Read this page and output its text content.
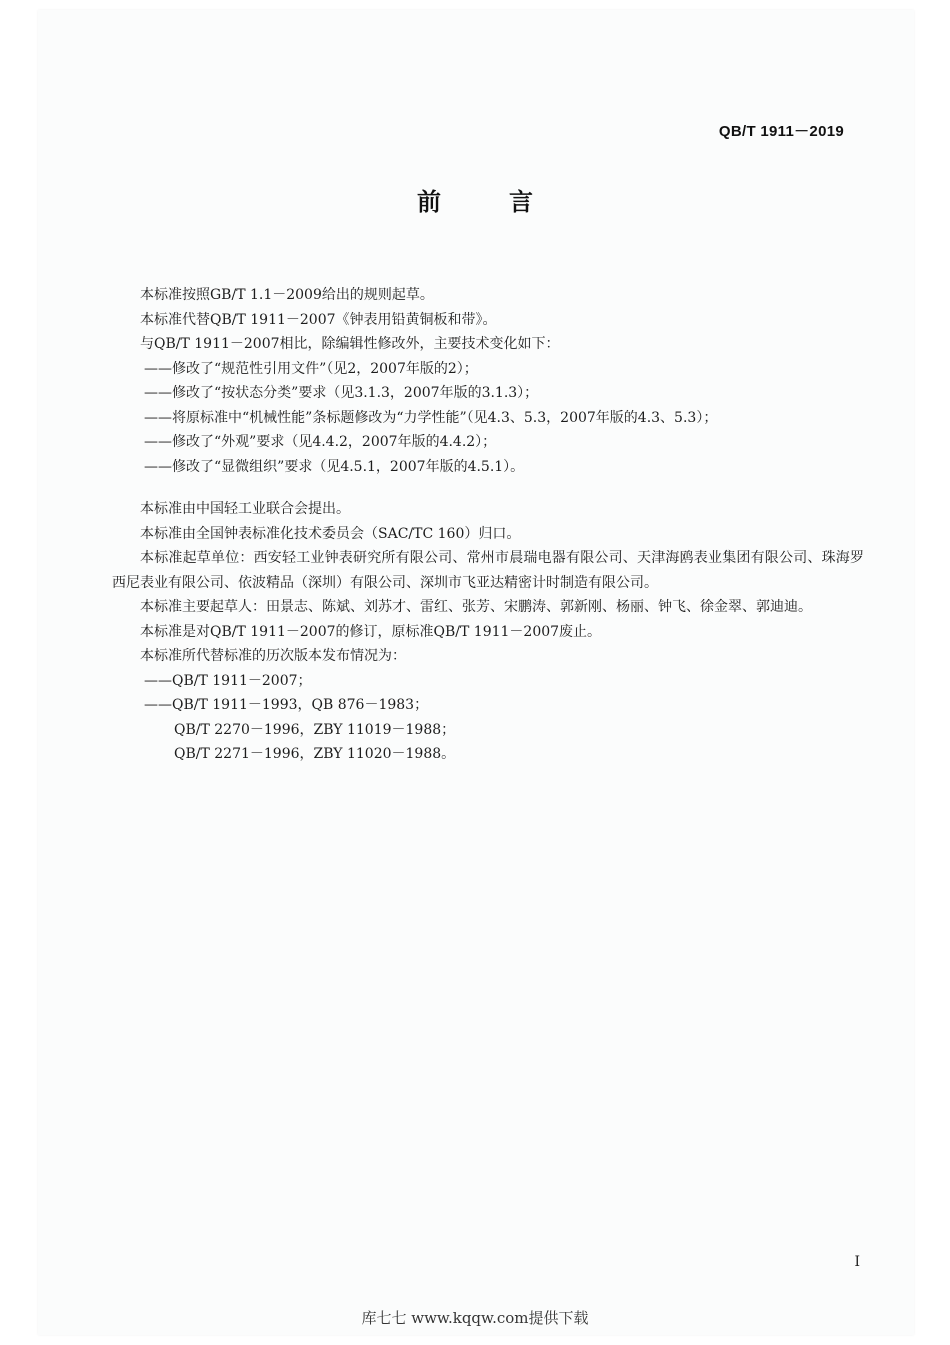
QB/T 1911－2019
前　言

本标准按照GB/T 1.1－2009给出的规则起草。

本标准代替QB/T 1911－2007《钟表用铅黄铜板和带》。

与QB/T 1911－2007相比，除编辑性修改外，主要技术变化如下：

——修改了“规范性引用文件”（见2，2007年版的2）；

——修改了“按状态分类”要求（见3.1.3，2007年版的3.1.3）；

——将原标准中“机械性能”条标题修改为“力学性能”（见4.3、5.3，2007年版的4.3、5.3）；

——修改了“外观”要求（见4.4.2，2007年版的4.4.2）；

——修改了“显微组织”要求（见4.5.1，2007年版的4.5.1）。

本标准由中国轻工业联合会提出。

本标准由全国钟表标准化技术委员会（SAC/TC 160）归口。

本标准起草单位：西安轻工业钟表研究所有限公司、常州市晨瑞电器有限公司、天津海鸥表业集团有限公司、珠海罗西尼表业有限公司、依波精品（深圳）有限公司、深圳市飞亚达精密计时制造有限公司。

本标准主要起草人：田景志、陈斌、刘苏才、雷红、张芳、宋鹏涛、郭新刚、杨丽、钟飞、徐金翠、郭迪迪。

本标准是对QB/T 1911－2007的修订，原标准QB/T 1911－2007废止。

本标准所代替标准的历次版本发布情况为：

——QB/T 1911－2007；

——QB/T 1911－1993，QB 876－1983；

QB/T 2270－1996，ZBY 11019－1988；

QB/T 2271－1996，ZBY 11020－1988。

I
库七七 www.kqqw.com提供下载
